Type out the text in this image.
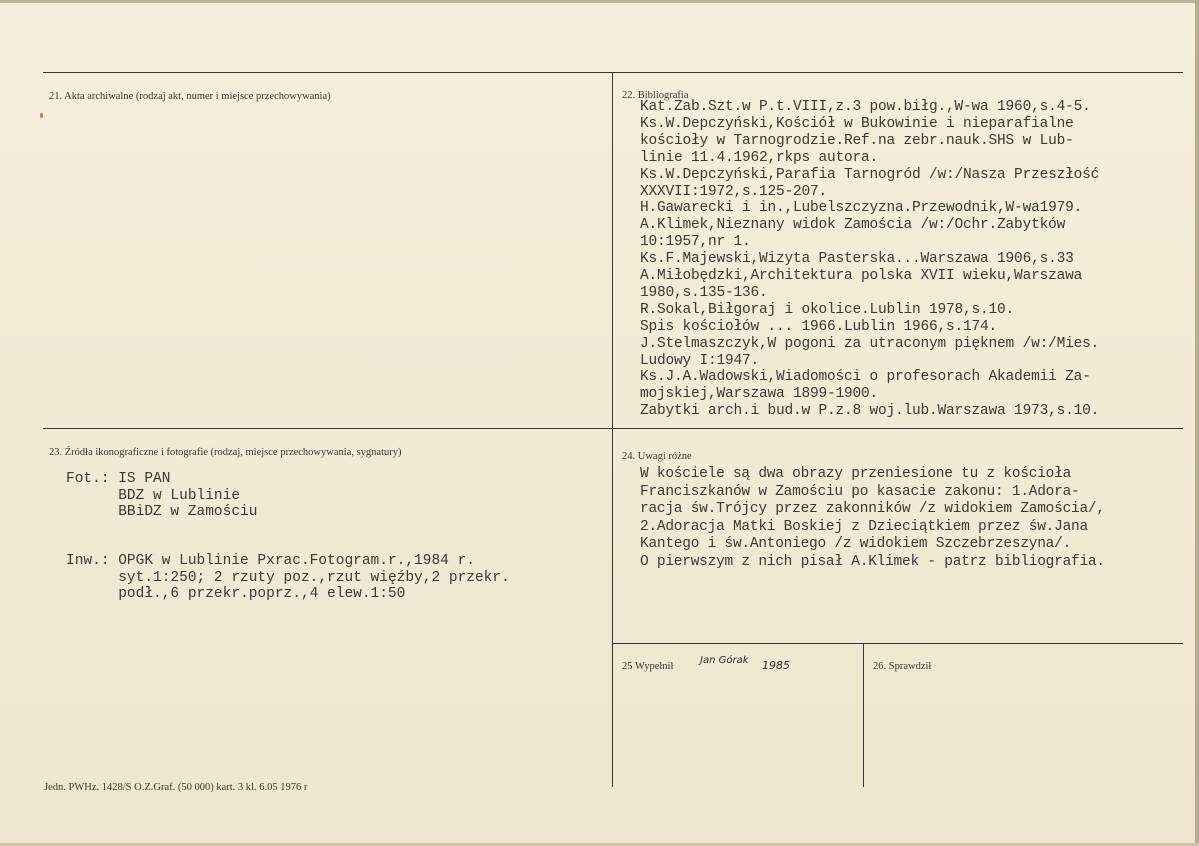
21. Akta archiwalne (rodzaj akt, numer i miejsce przechowywania)	22. Bibliografia
Kat.Zab.Szt.w P.t.VIII,z.3 pow.biłg.,W-wa 1960,s.4-5.
Ks.W.Depczyński,Kościół w Bukowinie i nieparafialne
kościoły w Tarnogrodzie.Ref.na zebr.nauk.SHS w Lub-
linie 11.4.1962,rkps autora.
Ks.W.Depczyński,Parafia Tarnogród /w:/Nasza Przeszłość
XXXVII:1972,s.125-207.
H.Gawarecki i in.,Lubelszczyzna.Przewodnik,W-wa1979.
A.Klimek,Nieznany widok Zamościa /w:/Ochr.Zabytków
10:1957,nr 1.
Ks.F.Majewski,Wizyta Pasterska...Warszawa 1906,s.33
A.Miłobędzki,Architektura polska XVII wieku,Warszawa
1980,s.135-136.
R.Sokal,Biłgoraj i okolice.Lublin 1978,s.10.
Spis kościołów ... 1966.Lublin 1966,s.174.
J.Stelmaszczyk,W pogoni za utraconym pięknem /w:/Mies.
Ludowy I:1947.
Ks.J.A.Wadowski,Wiadomości o profesorach Akademii Za-
mojskiej,Warszawa 1899-1900.
Zabytki arch.i bud.w P.z.8 woj.lub.Warszawa 1973,s.10.
23. Źródła ikonograficzne i fotografie (rodzaj, miejsce przechowywania, sygnatury)
Fot.: IS PAN
BDZ w Lublinie
BBiDZ w Zamościu
Inw.: OPGK w Lublinie Pxrac.Fotogram.r.,1984 r.
syt.1:250; 2 rzuty poz.,rzut więźby,2 przekr.
podł.,6 przekr.poprz.,4 elew.1:50
24. Uwagi różne
W kościele są dwa obrazy przeniesione tu z kościoła
Franciszkanów w Zamościu po kasacie zakonu: 1.Adora-
racja św.Trójcy przez zakonników /z widokiem Zamościa/,
2.Adoracja Matki Boskiej z Dzieciątkiem przez św.Jana
Kantego i św.Antoniego /z widokiem Szczebrzeszyna/.
O pierwszym z nich pisał A.Klimek - patrz bibliografia.
25 Wypełnił
Jan Górak 1985	26. Sprawdził
Jedn. PWHz. 1428/S O.Z.Graf. (50 000) kart. 3 kl. 6.05 1976 r
